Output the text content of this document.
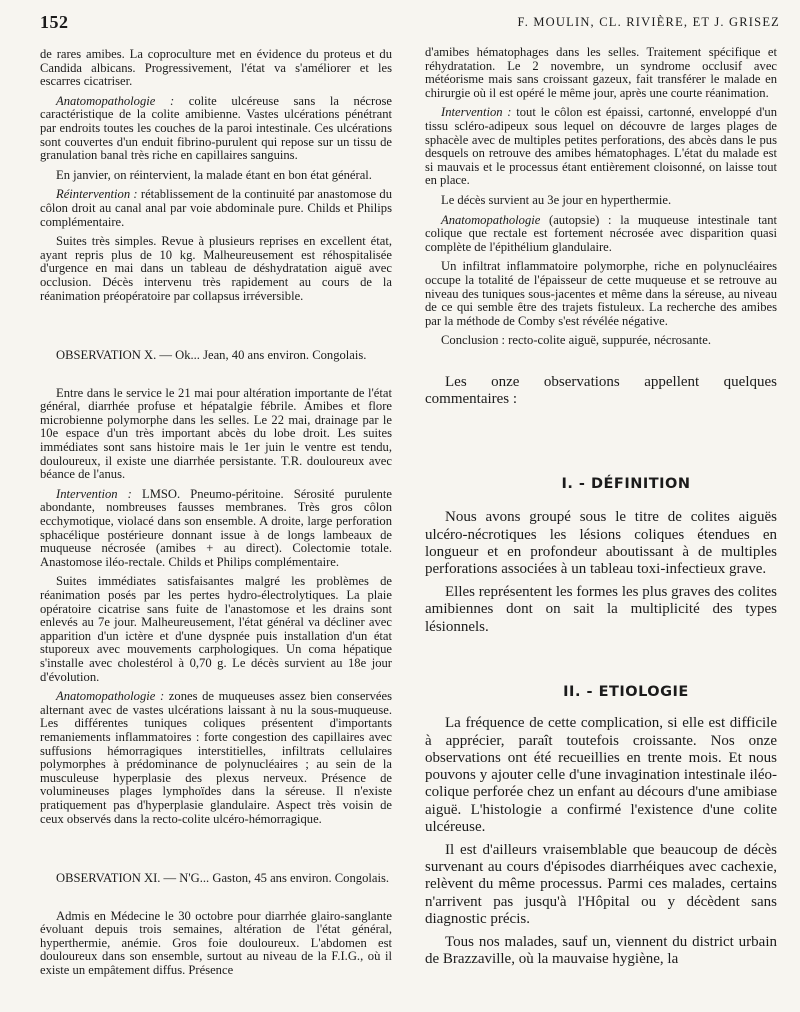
152	F. MOULIN, CL. RIVIÈRE, ET J. GRISEZ

de rares amibes. La coproculture met en évidence du proteus et du Candida albicans. Progressivement, l'état va s'améliorer et les escarres cicatriser.

Anatomopathologie : colite ulcéreuse sans la nécrose caractéristique de la colite amibienne. Vastes ulcérations pénétrant par endroits toutes les couches de la paroi intestinale. Ces ulcérations sont couvertes d'un enduit fibrino-purulent qui repose sur un tissu de granulation banal très riche en capillaires sanguins.

En janvier, on réintervient, la malade étant en bon état général.

Réintervention : rétablissement de la continuité par anastomose du côlon droit au canal anal par voie abdominale pure. Childs et Philips complémentaire.

Suites très simples. Revue à plusieurs reprises en excellent état, ayant repris plus de 10 kg. Malheureusement est réhospitalisée d'urgence en mai dans un tableau de déshydratation aiguë avec occlusion. Décès intervenu très rapidement au cours de la réanimation préopératoire par collapsus irréversible.

OBSERVATION X. — Ok... Jean, 40 ans environ. Congolais.

Entre dans le service le 21 mai pour altération importante de l'état général, diarrhée profuse et hépatalgie fébrile. Amibes et flore microbienne polymorphe dans les selles. Le 22 mai, drainage par le 10e espace d'un très important abcès du lobe droit. Les suites immédiates sont sans histoire mais le 1er juin le ventre est tendu, douloureux, il existe une diarrhée persistante. T.R. douloureux avec béance de l'anus.

Intervention : LMSO. Pneumo-péritoine. Sérosité purulente abondante, nombreuses fausses membranes. Très gros côlon ecchymotique, violacé dans son ensemble. A droite, large perforation sphacélique postérieure donnant issue à de longs lambeaux de muqueuse nécrosée (amibes + au direct). Colectomie totale. Anastomose iléo-rectale. Childs et Philips complémentaire.

Suites immédiates satisfaisantes malgré les problèmes de réanimation posés par les pertes hydro-électrolytiques. La plaie opératoire cicatrise sans fuite de l'anastomose et les drains sont enlevés au 7e jour. Malheureusement, l'état général va décliner avec apparition d'un ictère et d'une dyspnée puis installation d'un état stuporeux avec mouvements carphologiques. Un coma hépatique s'installe avec cholestérol à 0,70 g. Le décès survient au 18e jour d'évolution.

Anatomopathologie : zones de muqueuses assez bien conservées alternant avec de vastes ulcérations laissant à nu la sous-muqueuse. Les différentes tuniques coliques présentent d'importants remaniements inflammatoires : forte congestion des capillaires avec suffusions hémorragiques interstitielles, infiltrats cellulaires polymorphes à prédominance de polynucléaires ; au sein de la musculeuse hyperplasie des plexus nerveux. Présence de volumineuses plages lymphoïdes dans la séreuse. Il n'existe pratiquement pas d'hyperplasie glandulaire. Aspect très voisin de ceux observés dans la recto-colite ulcéro-hémorragique.

OBSERVATION XI. — N'G... Gaston, 45 ans environ. Congolais.

Admis en Médecine le 30 octobre pour diarrhée glairo-sanglante évoluant depuis trois semaines, altération de l'état général, hyperthermie, anémie. Gros foie douloureux. L'abdomen est douloureux dans son ensemble, surtout au niveau de la F.I.G., où il existe un empâtement diffus. Présence

d'amibes hématophages dans les selles. Traitement spécifique et réhydratation. Le 2 novembre, un syndrome occlusif avec météorisme mais sans croissant gazeux, fait transférer le malade en chirurgie où il est opéré le même jour, après une courte réanimation.

Intervention : tout le côlon est épaissi, cartonné, enveloppé d'un tissu scléro-adipeux sous lequel on découvre de larges plages de sphacèle avec de multiples petites perforations, des abcès dans le pus desquels on retrouve des amibes hématophages. L'état du malade est si mauvais et le processus étant entièrement cloisonné, on laisse tout en place.

Le décès survient au 3e jour en hyperthermie.

Anatomopathologie (autopsie) : la muqueuse intestinale tant colique que rectale est fortement nécrosée avec disparition quasi complète de l'épithélium glandulaire.

Un infiltrat inflammatoire polymorphe, riche en polynucléaires occupe la totalité de l'épaisseur de cette muqueuse et se retrouve au niveau des tuniques sous-jacentes et même dans la séreuse, au niveau de ce qui semble être des trajets fistuleux. La recherche des amibes par la méthode de Comby s'est révélée négative.

Conclusion : recto-colite aiguë, suppurée, nécrosante.

Les onze observations appellent quelques commentaires :

I. - DÉFINITION

Nous avons groupé sous le titre de colites aiguës ulcéro-nécrotiques les lésions coliques étendues en longueur et en profondeur aboutissant à de multiples perforations associées à un tableau toxi-infectieux grave.

Elles représentent les formes les plus graves des colites amibiennes dont on sait la multiplicité des types lésionnels.

II. - ETIOLOGIE

La fréquence de cette complication, si elle est difficile à apprécier, paraît toutefois croissante. Nos onze observations ont été recueillies en trente mois. Et nous pouvons y ajouter celle d'une invagination intestinale iléo-colique perforée chez un enfant au décours d'une amibiase aiguë. L'histologie a confirmé l'existence d'une colite ulcéreuse.

Il est d'ailleurs vraisemblable que beaucoup de décès survenant au cours d'épisodes diarrhéiques avec cachexie, relèvent du même processus. Parmi ces malades, certains n'arrivent pas jusqu'à l'Hôpital ou y décèdent sans diagnostic précis.

Tous nos malades, sauf un, viennent du district urbain de Brazzaville, où la mauvaise hygiène, la
